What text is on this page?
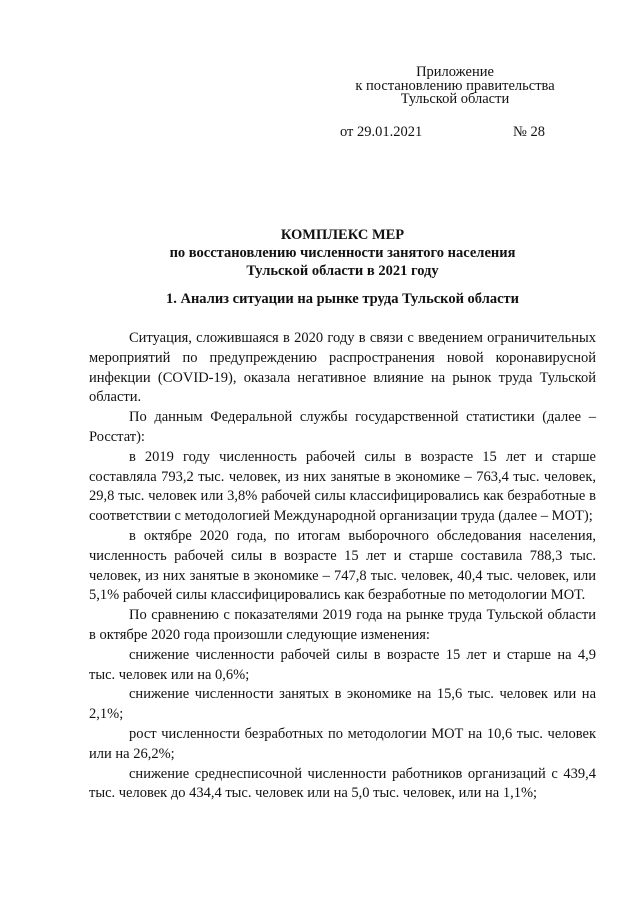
Приложение
к постановлению правительства
Тульской области
от 29.01.2021	№ 28
КОМПЛЕКС МЕР
по восстановлению численности занятого населения
Тульской области в 2021 году
1. Анализ ситуации на рынке труда Тульской области

Ситуация, сложившаяся в 2020 году в связи с введением ограничительных мероприятий по предупреждению распространения новой коронавирусной инфекции (COVID-19), оказала негативное влияние на рынок труда Тульской области.

По данным Федеральной службы государственной статистики (далее – Росстат):

в 2019 году численность рабочей силы в возрасте 15 лет и старше составляла 793,2 тыс. человек, из них занятые в экономике – 763,4 тыс. человек, 29,8 тыс. человек или 3,8% рабочей силы классифицировались как безработные в соответствии с методологией Международной организации труда (далее – МОТ);

в октябре 2020 года, по итогам выборочного обследования населения, численность рабочей силы в возрасте 15 лет и старше составила 788,3 тыс. человек, из них занятые в экономике – 747,8 тыс. человек, 40,4 тыс. человек, или 5,1% рабочей силы классифицировались как безработные по методологии МОТ.

По сравнению с показателями 2019 года на рынке труда Тульской области в октябре 2020 года произошли следующие изменения:

снижение численности рабочей силы в возрасте 15 лет и старше на 4,9 тыс. человек или на 0,6%;

снижение численности занятых в экономике на 15,6 тыс. человек или на 2,1%;

рост численности безработных по методологии МОТ на 10,6 тыс. человек или на 26,2%;

снижение среднесписочной численности работников организаций с 439,4 тыс. человек до 434,4 тыс. человек или на 5,0 тыс. человек, или на 1,1%;
